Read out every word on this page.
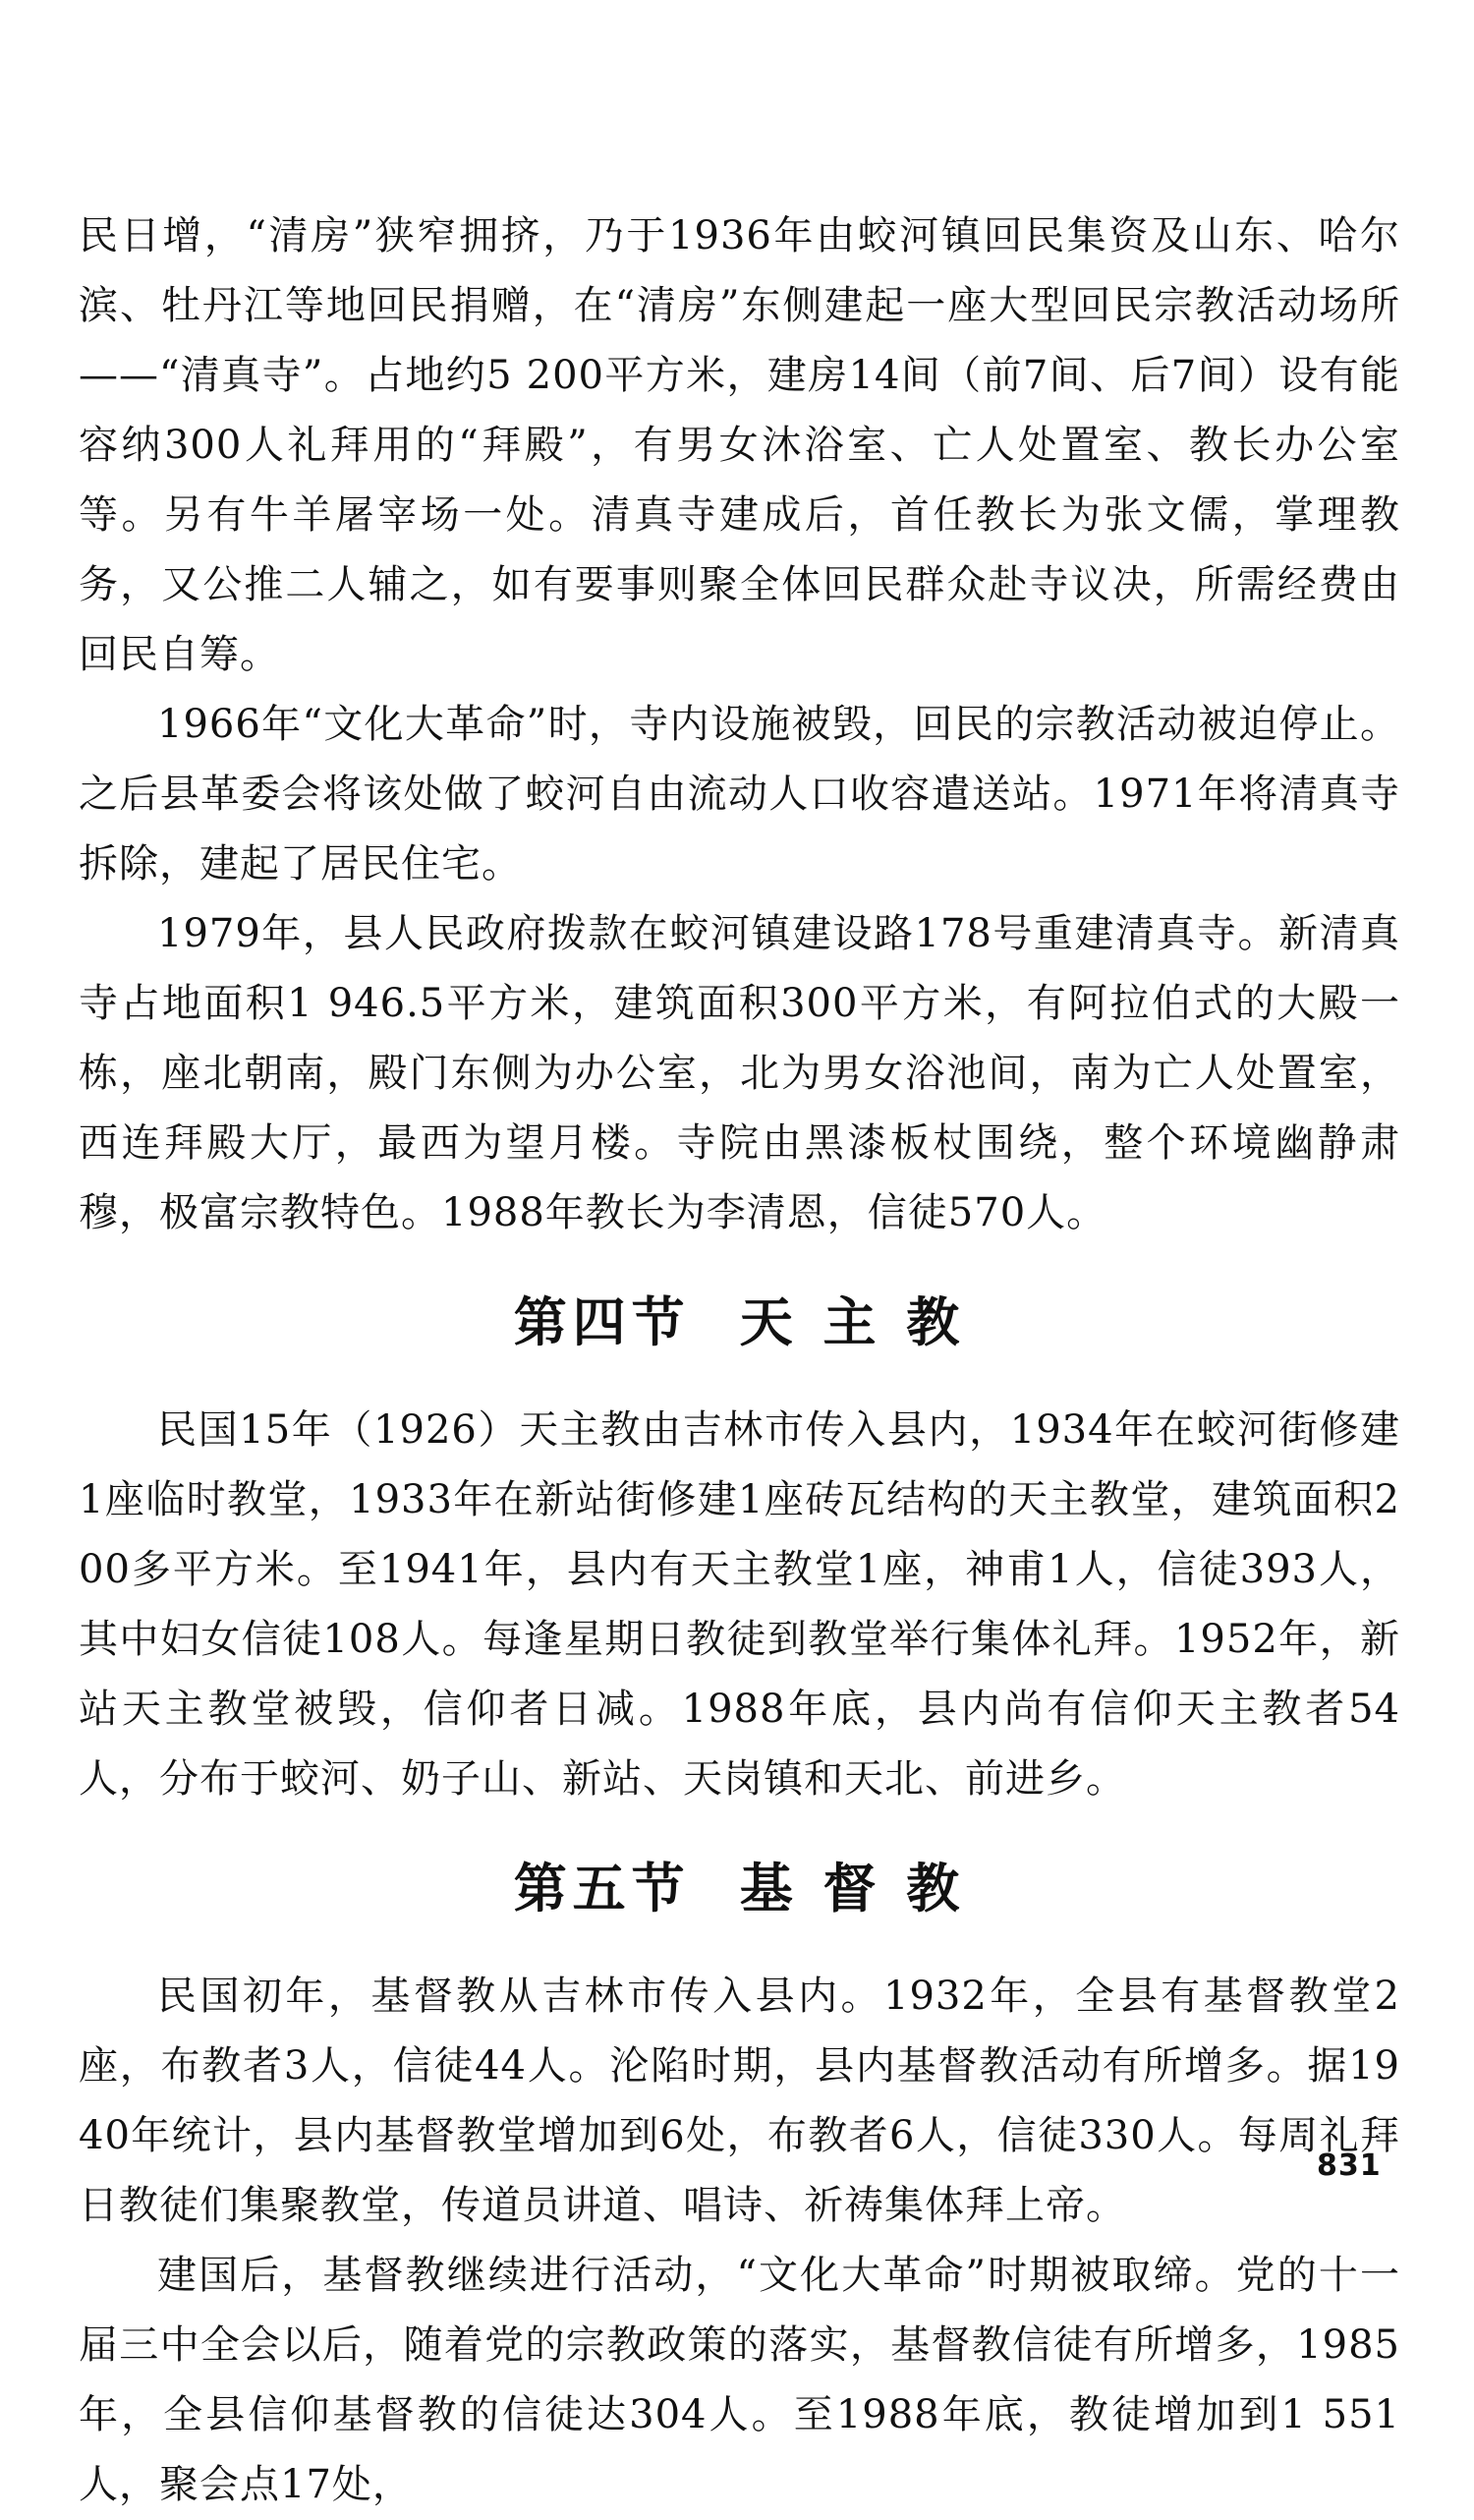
民日增，“清房”狭窄拥挤，乃于1936年由蛟河镇回民集资及山东、哈尔滨、牡丹江等地回民捐赠，在“清房”东侧建起一座大型回民宗教活动场所——“清真寺”。占地约5 200平方米，建房14间（前7间、后7间）设有能容纳300人礼拜用的“拜殿”，有男女沐浴室、亡人处置室、教长办公室等。另有牛羊屠宰场一处。清真寺建成后，首任教长为张文儒，掌理教务，又公推二人辅之，如有要事则聚全体回民群众赴寺议决，所需经费由回民自筹。

1966年“文化大革命”时，寺内设施被毁，回民的宗教活动被迫停止。之后县革委会将该处做了蛟河自由流动人口收容遣送站。1971年将清真寺拆除，建起了居民住宅。

1979年，县人民政府拨款在蛟河镇建设路178号重建清真寺。新清真寺占地面积1 946.5平方米，建筑面积300平方米，有阿拉伯式的大殿一栋，座北朝南，殿门东侧为办公室，北为男女浴池间，南为亡人处置室，西连拜殿大厅，最西为望月楼。寺院由黑漆板杖围绕，整个环境幽静肃穆，极富宗教特色。1988年教长为李清恩，信徒570人。

第四节 天 主 教

民国15年（1926）天主教由吉林市传入县内，1934年在蛟河街修建1座临时教堂，1933年在新站街修建1座砖瓦结构的天主教堂，建筑面积200多平方米。至1941年，县内有天主教堂1座，神甫1人，信徒393人，其中妇女信徒108人。每逢星期日教徒到教堂举行集体礼拜。1952年，新站天主教堂被毁，信仰者日减。1988年底，县内尚有信仰天主教者54人，分布于蛟河、奶子山、新站、天岗镇和天北、前进乡。

第五节 基 督 教

民国初年，基督教从吉林市传入县内。1932年，全县有基督教堂2座，布教者3人，信徒44人。沦陷时期，县内基督教活动有所增多。据1940年统计，县内基督教堂增加到6处，布教者6人，信徒330人。每周礼拜日教徒们集聚教堂，传道员讲道、唱诗、祈祷集体拜上帝。

建国后，基督教继续进行活动，“文化大革命”时期被取缔。党的十一届三中全会以后，随着党的宗教政策的落实，基督教信徒有所增多，1985年，全县信仰基督教的信徒达304人。至1988年底，教徒增加到1 551人，聚会点17处，

831
